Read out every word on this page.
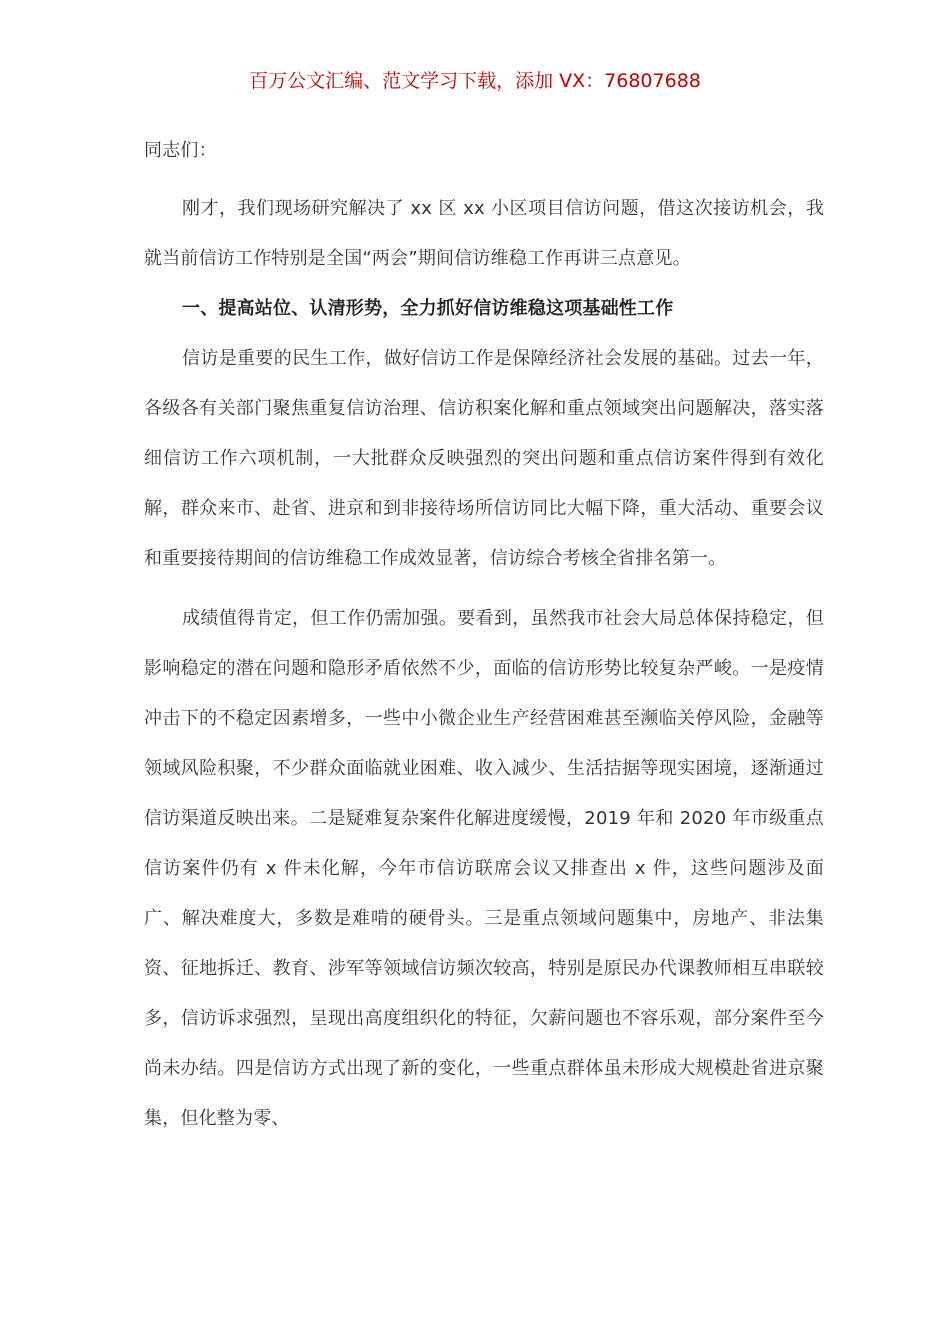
百万公文汇编、范文学习下载，添加 VX：76807688

同志们：

刚才，我们现场研究解决了 xx 区 xx 小区项目信访问题，借这次接访机会，我就当前信访工作特别是全国“两会”期间信访维稳工作再讲三点意见。

一、提高站位、认清形势，全力抓好信访维稳这项基础性工作

信访是重要的民生工作，做好信访工作是保障经济社会发展的基础。过去一年，各级各有关部门聚焦重复信访治理、信访积案化解和重点领域突出问题解决，落实落细信访工作六项机制，一大批群众反映强烈的突出问题和重点信访案件得到有效化解，群众来市、赴省、进京和到非接待场所信访同比大幅下降，重大活动、重要会议和重要接待期间的信访维稳工作成效显著，信访综合考核全省排名第一。

成绩值得肯定，但工作仍需加强。要看到，虽然我市社会大局总体保持稳定，但影响稳定的潜在问题和隐形矛盾依然不少，面临的信访形势比较复杂严峻。一是疫情冲击下的不稳定因素增多，一些中小微企业生产经营困难甚至濒临关停风险，金融等领域风险积聚，不少群众面临就业困难、收入减少、生活拮据等现实困境，逐渐通过信访渠道反映出来。二是疑难复杂案件化解进度缓慢，2019 年和 2020 年市级重点信访案件仍有 x 件未化解，今年市信访联席会议又排查出 x 件，这些问题涉及面广、解决难度大，多数是难啃的硬骨头。三是重点领域问题集中，房地产、非法集资、征地拆迁、教育、涉军等领域信访频次较高，特别是原民办代课教师相互串联较多，信访诉求强烈，呈现出高度组织化的特征，欠薪问题也不容乐观，部分案件至今尚未办结。四是信访方式出现了新的变化，一些重点群体虽未形成大规模赴省进京聚集，但化整为零、
